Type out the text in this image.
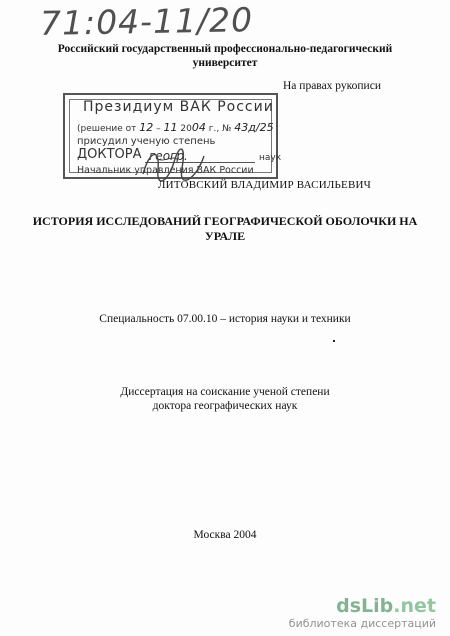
71:04-11/20
Российский государственный профессионально-педагогический
университет
На правах рукописи
Президиум ВАК России
(решение от 12 – 11 2004 г., № 43д/25
присудил ученую степень ДОКТОРА геогр.	наук
Начальник управления ВАК России
ЛИТОВСКИЙ ВЛАДИМИР ВАСИЛЬЕВИЧ
ИСТОРИЯ ИССЛЕДОВАНИЙ ГЕОГРАФИЧЕСКОЙ ОБОЛОЧКИ НА
УРАЛЕ
Специальность 07.00.10 – история науки и техники
Диссертация на соискание ученой степени
доктора географических наук
Москва 2004
dsLib.net
библиотека диссертаций
